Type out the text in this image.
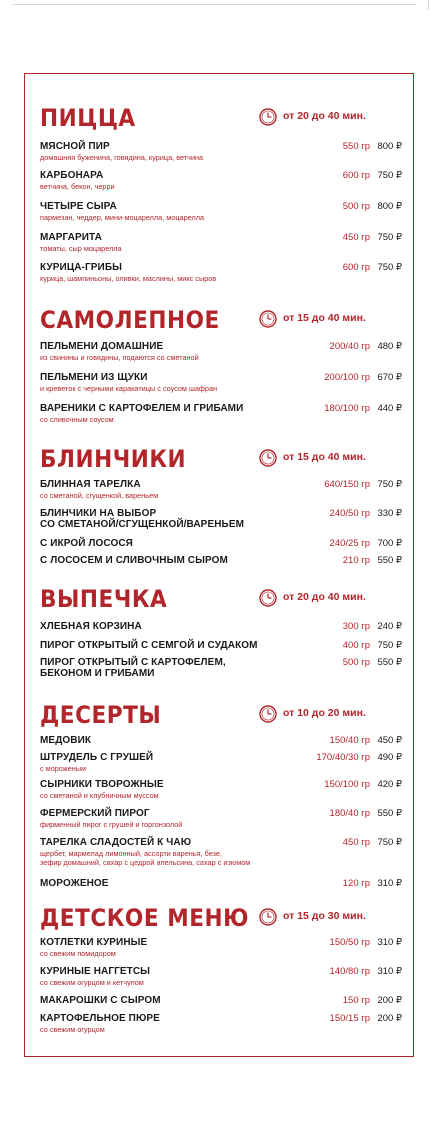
ПИЦЦА	от 20 до 40 мин.
МЯСНОЙ ПИР
домашняя буженина, говядина, курица, ветчина
550 гр 800 ₽
КАРБОНАРА
ветчина, бекон, черри
600 гр 750 ₽
ЧЕТЫРЕ СЫРА
пармезан, чеддер, мини-моцарелла, моцарелла
500 гр 800 ₽
МАРГАРИТА
томаты, сыр моцарелла
450 гр 750 ₽
КУРИЦА-ГРИБЫ
курица, шампиньоны, оливки, маслины, микс сыров
600 гр 750 ₽
САМОЛЕПНОЕ	от 15 до 40 мин.
ПЕЛЬМЕНИ ДОМАШНИЕ
из свинины и говядины, подаются со сметаной
200/40 гр 480 ₽
ПЕЛЬМЕНИ ИЗ ЩУКИ
и креветок с черными каракатицы с соусом шафран
200/100 гр 670 ₽
ВАРЕНИКИ С КАРТОФЕЛЕМ И ГРИБАМИ
со сливочным соусом
180/100 гр 440 ₽
БЛИНЧИКИ	от 15 до 40 мин.
БЛИННАЯ ТАРЕЛКА
со сметаной, сгущенкой, вареньем
640/150 гр 750 ₽
БЛИНЧИКИ НА ВЫБОР
СО СМЕТАНОЙ/СГУЩЕНКОЙ/ВАРЕНЬЕМ
240/50 гр 330 ₽
С ИКРОЙ ЛОСОСЯ	240/25 гр 700 ₽
С ЛОСОСЕМ И СЛИВОЧНЫМ СЫРОМ	210 гр 550 ₽
ВЫПЕЧКА	от 20 до 40 мин.
ХЛЕБНАЯ КОРЗИНА	300 гр 240 ₽
ПИРОГ ОТКРЫТЫЙ С СЕМГОЙ И СУДАКОМ	400 гр 750 ₽
ПИРОГ ОТКРЫТЫЙ С КАРТОФЕЛЕМ,
БЕКОНОМ И ГРИБАМИ
500 гр 550 ₽
ДЕСЕРТЫ	от 10 до 20 мин.
МЕДОВИК	150/40 гр 450 ₽
ШТРУДЕЛЬ С ГРУШЕЙ
с мороженым
170/40/30 гр 490 ₽
СЫРНИКИ ТВОРОЖНЫЕ
со сметаной и клубничным муссом
150/100 гр 420 ₽
ФЕРМЕРСКИЙ ПИРОГ
фирменный пирог с грушей и горгонзолой
180/40 гр 550 ₽
ТАРЕЛКА СЛАДОСТЕЙ К ЧАЮ
щербет, мармелад лимонный, ассорти варенья, безе,
зефир домашний, сахар с цедрой апельсина, сахар с изюмом
450 гр 750 ₽
МОРОЖЕНОЕ	120 гр 310 ₽
ДЕТСКОЕ МЕНЮ	от 15 до 30 мин.
КОТЛЕТКИ КУРИНЫЕ
со свежим помидором
150/50 гр 310 ₽
КУРИНЫЕ НАГГЕТСЫ
со свежим огурцом и кетчупом
140/80 гр 310 ₽
МАКАРОШКИ С СЫРОМ	150 гр 200 ₽
КАРТОФЕЛЬНОЕ ПЮРЕ
со свежим огурцом
150/15 гр 200 ₽
